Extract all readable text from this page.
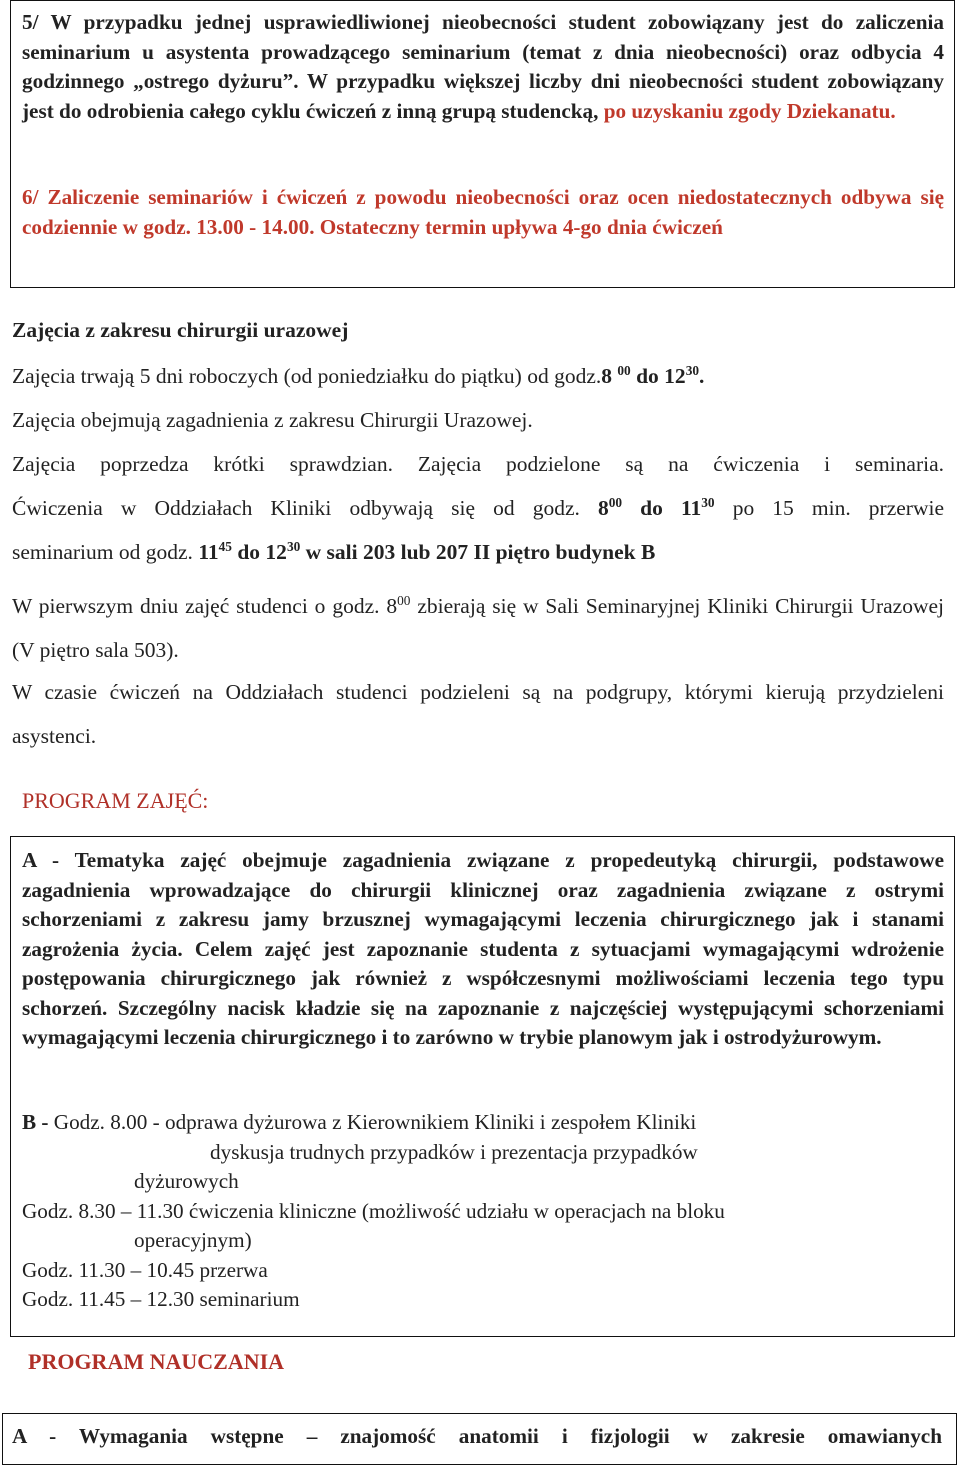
5/ W przypadku jednej usprawiedliwionej nieobecności student zobowiązany jest do zaliczenia seminarium u asystenta prowadzącego seminarium (temat z dnia nieobecności) oraz odbycia 4 godzinnego „ostrego dyżuru”. W przypadku większej liczby dni nieobecności student zobowiązany jest do odrobienia całego cyklu ćwiczeń z inną grupą studencką, po uzyskaniu zgody Dziekanatu.

6/ Zaliczenie seminariów i ćwiczeń z powodu nieobecności oraz ocen niedostatecznych odbywa się codziennie w godz. 13.00 - 14.00. Ostateczny termin upływa 4-go dnia ćwiczeń

Zajęcia z zakresu chirurgii urazowej
Zajęcia trwają 5 dni roboczych (od poniedziałku do piątku) od godz.8 $^{00}$ do $12^{30}$.
Zajęcia obejmują zagadnienia z zakresu Chirurgii Urazowej.
Zajęcia poprzedza krótki sprawdzian. Zajęcia podzielone są na ćwiczenia i seminaria.
Ćwiczenia w Oddziałach Kliniki odbywają się od godz. $8^{00}$ do $11^{30}$ po 15 min. przerwie
seminarium od godz. $11^{45}$ do $12^{30}$ w sali 203 lub 207 II piętro budynek B

W pierwszym dniu zajęć studenci o godz. $8^{00}$ zbierają się w Sali Seminaryjnej Kliniki Chirurgii Urazowej (V piętro sala 503).

W czasie ćwiczeń na Oddziałach studenci podzieleni są na podgrupy, którymi kierują przydzieleni asystenci.

PROGRAM ZAJĘĆ:

A - Tematyka zajęć obejmuje zagadnienia związane z propedeutyką chirurgii, podstawowe zagadnienia wprowadzające do chirurgii klinicznej oraz zagadnienia związane z ostrymi schorzeniami z zakresu jamy brzusznej wymagającymi leczenia chirurgicznego jak i stanami zagrożenia życia. Celem zajęć jest zapoznanie studenta z sytuacjami wymagającymi wdrożenie postępowania chirurgicznego jak również z współczesnymi możliwościami leczenia tego typu schorzeń. Szczególny nacisk kładzie się na zapoznanie z najczęściej występującymi schorzeniami wymagającymi leczenia chirurgicznego i to zarówno w trybie planowym jak i ostrodyżurowym.

B - Godz. 8.00 - odprawa dyżurowa z Kierownikiem Kliniki i zespołem Kliniki
dyskusja trudnych przypadków i prezentacja przypadków
dyżurowych
Godz. 8.30 – 11.30 ćwiczenia kliniczne (możliwość udziału w operacjach na bloku
operacyjnym)
Godz. 11.30 – 10.45 przerwa
Godz. 11.45 – 12.30 seminarium
PROGRAM NAUCZANIA
A - Wymagania wstępne – znajomość anatomii i fizjologii w zakresie omawianych
